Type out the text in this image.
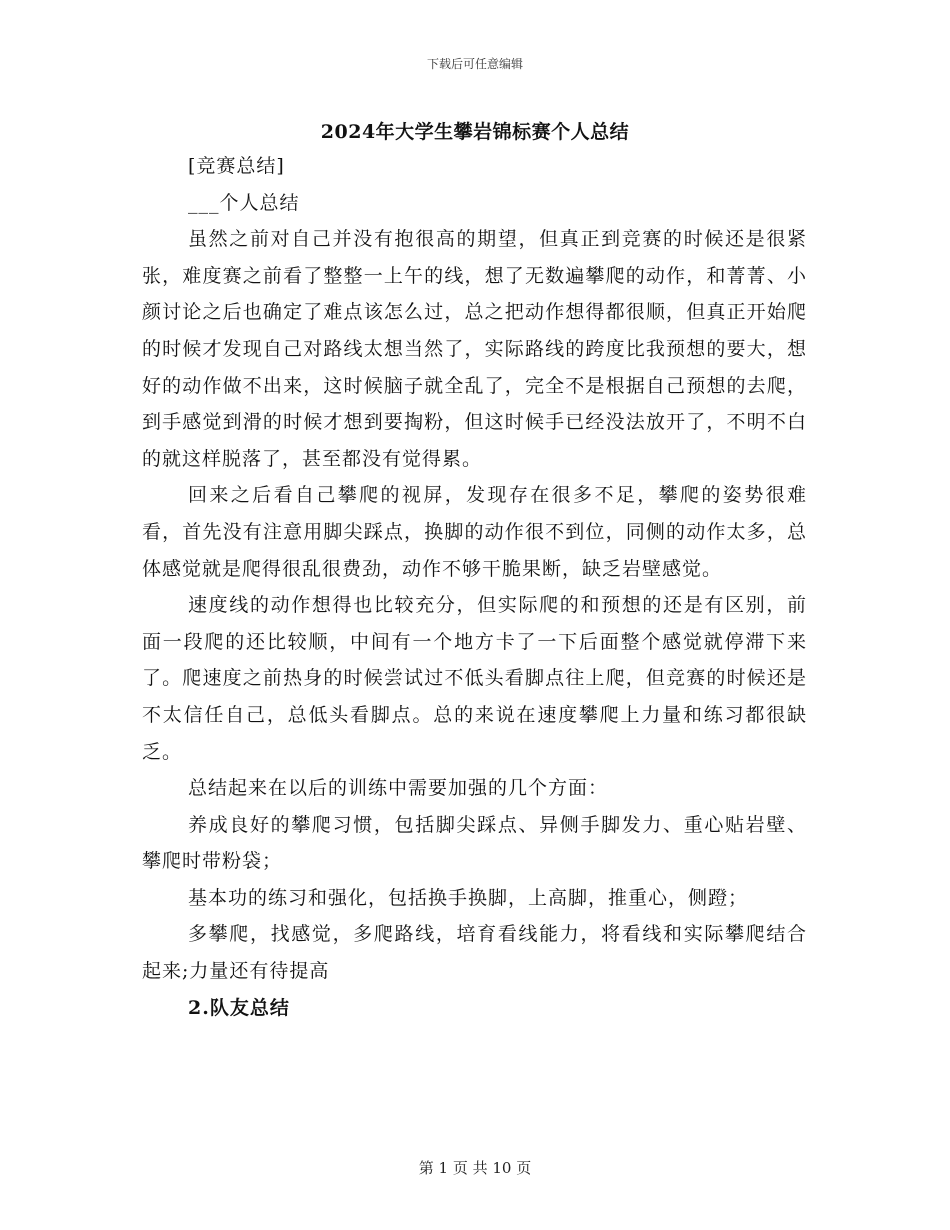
下载后可任意编辑
2024年大学生攀岩锦标赛个人总结

[竞赛总结]

___个人总结

虽然之前对自己并没有抱很高的期望，但真正到竞赛的时候还是很紧张，难度赛之前看了整整一上午的线，想了无数遍攀爬的动作，和菁菁、小颜讨论之后也确定了难点该怎么过，总之把动作想得都很顺，但真正开始爬的时候才发现自己对路线太想当然了，实际路线的跨度比我预想的要大，想好的动作做不出来，这时候脑子就全乱了，完全不是根据自己预想的去爬，到手感觉到滑的时候才想到要掏粉，但这时候手已经没法放开了，不明不白的就这样脱落了，甚至都没有觉得累。

回来之后看自己攀爬的视屏，发现存在很多不足，攀爬的姿势很难看，首先没有注意用脚尖踩点，换脚的动作很不到位，同侧的动作太多，总体感觉就是爬得很乱很费劲，动作不够干脆果断，缺乏岩壁感觉。

速度线的动作想得也比较充分，但实际爬的和预想的还是有区别，前面一段爬的还比较顺，中间有一个地方卡了一下后面整个感觉就停滞下来了。爬速度之前热身的时候尝试过不低头看脚点往上爬，但竞赛的时候还是不太信任自己，总低头看脚点。总的来说在速度攀爬上力量和练习都很缺乏。

总结起来在以后的训练中需要加强的几个方面：

养成良好的攀爬习惯，包括脚尖踩点、异侧手脚发力、重心贴岩壁、攀爬时带粉袋；

基本功的练习和强化，包括换手换脚，上高脚，推重心，侧蹬；

多攀爬，找感觉，多爬路线，培育看线能力，将看线和实际攀爬结合起来;力量还有待提高

2.队友总结

第 1 页 共 10 页
